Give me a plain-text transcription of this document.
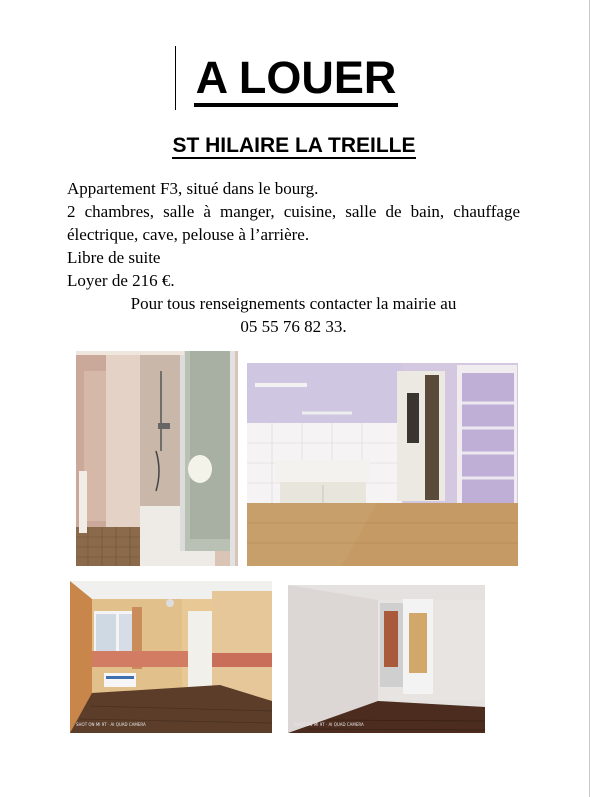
A LOUER
ST HILAIRE LA TREILLE
Appartement F3, situé dans le bourg.
2 chambres, salle à manger, cuisine, salle de bain, chauffage électrique, cave, pelouse à l’arrière.
Libre de suite
Loyer de 216 €.
Pour tous renseignements contacter la mairie au
05 55 76 82 33.
SHOT ON MI 9T · AI QUAD CAMERA	SHOT ON MI 9T · AI QUAD CAMERA
